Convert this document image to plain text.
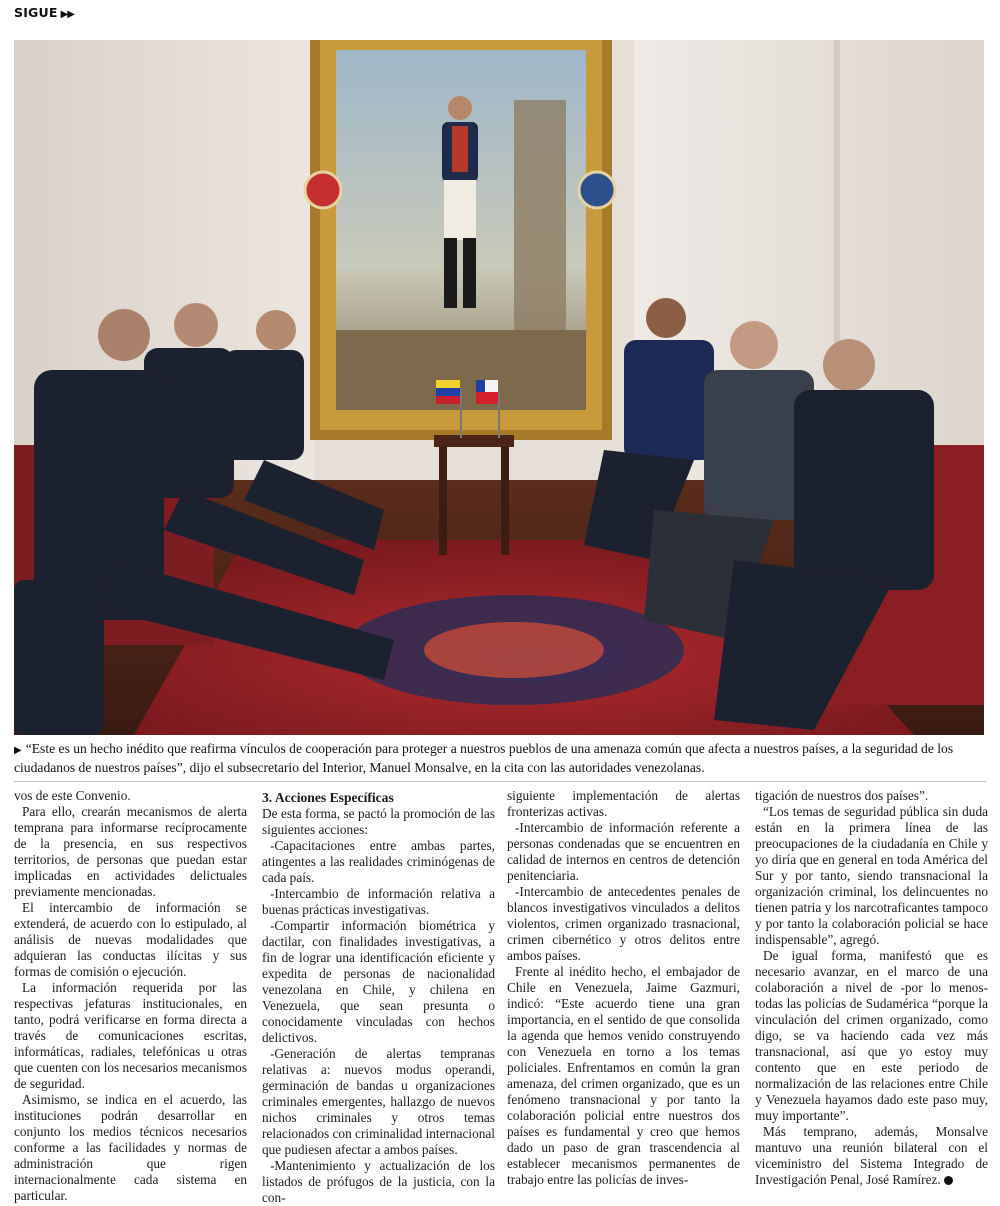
SIGUE ▶▶
▶ “Este es un hecho inédito que reafirma vínculos de cooperación para proteger a nuestros pueblos de una amenaza común que afecta a nuestros países, a la seguridad de los ciudadanos de nuestros países”, dijo el subsecretario del Interior, Manuel Monsalve, en la cita con las autoridades venezolanas.

vos de este Convenio.

Para ello, crearán mecanismos de alerta temprana para informarse recíprocamente de la presencia, en sus respectivos territorios, de personas que puedan estar implicadas en actividades delictuales previamente mencionadas.

El intercambio de información se extenderá, de acuerdo con lo estipulado, al análisis de nuevas modalidades que adquieran las conductas ilícitas y sus formas de comisión o ejecución.

La información requerida por las respectivas jefaturas institucionales, en tanto, podrá verificarse en forma directa a través de comunicaciones escritas, informáticas, radiales, telefónicas u otras que cuenten con los necesarios mecanismos de seguridad.

Asimismo, se indica en el acuerdo, las instituciones podrán desarrollar en conjunto los medios técnicos necesarios conforme a las facilidades y normas de administración que rigen internacionalmente cada sistema en particular.

3. Acciones Específicas

De esta forma, se pactó la promoción de las siguientes acciones:

-Capacitaciones entre ambas partes, atingentes a las realidades criminógenas de cada país.

-Intercambio de información relativa a buenas prácticas investigativas.

-Compartir información biométrica y dactilar, con finalidades investigativas, a fin de lograr una identificación eficiente y expedita de personas de nacionalidad venezolana en Chile, y chilena en Venezuela, que sean presunta o conocidamente vinculadas con hechos delictivos.

-Generación de alertas tempranas relativas a: nuevos modus operandi, germinación de bandas u organizaciones criminales emergentes, hallazgo de nuevos nichos criminales y otros temas relacionados con criminalidad internacional que pudiesen afectar a ambos países.

-Mantenimiento y actualización de los listados de prófugos de la justicia, con la con-

siguiente implementación de alertas fronterizas activas.

-Intercambio de información referente a personas condenadas que se encuentren en calidad de internos en centros de detención penitenciaria.

-Intercambio de antecedentes penales de blancos investigativos vinculados a delitos violentos, crimen organizado trasnacional, crimen cibernético y otros delitos entre ambos países.

Frente al inédito hecho, el embajador de Chile en Venezuela, Jaime Gazmuri, indicó: “Este acuerdo tiene una gran importancia, en el sentido de que consolida la agenda que hemos venido construyendo con Venezuela en torno a los temas policiales. Enfrentamos en común la gran amenaza, del crimen organizado, que es un fenómeno transnacional y por tanto la colaboración policial entre nuestros dos países es fundamental y creo que hemos dado un paso de gran trascendencia al establecer mecanismos permanentes de trabajo entre las policías de inves-

tigación de nuestros dos países”.

“Los temas de seguridad pública sin duda están en la primera línea de las preocupaciones de la ciudadanía en Chile y yo diría que en general en toda América del Sur y por tanto, siendo transnacional la organización criminal, los delincuentes no tienen patria y los narcotraficantes tampoco y por tanto la colaboración policial se hace indispensable”, agregó.

De igual forma, manifestó que es necesario avanzar, en el marco de una colaboración a nivel de -por lo menos- todas las policías de Sudamérica “porque la vinculación del crimen organizado, como digo, se va haciendo cada vez más transnacional, así que yo estoy muy contento que en este periodo de normalización de las relaciones entre Chile y Venezuela hayamos dado este paso muy, muy importante”.

Más temprano, además, Monsalve mantuvo una reunión bilateral con el viceministro del Sistema Integrado de Investigación Penal, José Ramírez.
